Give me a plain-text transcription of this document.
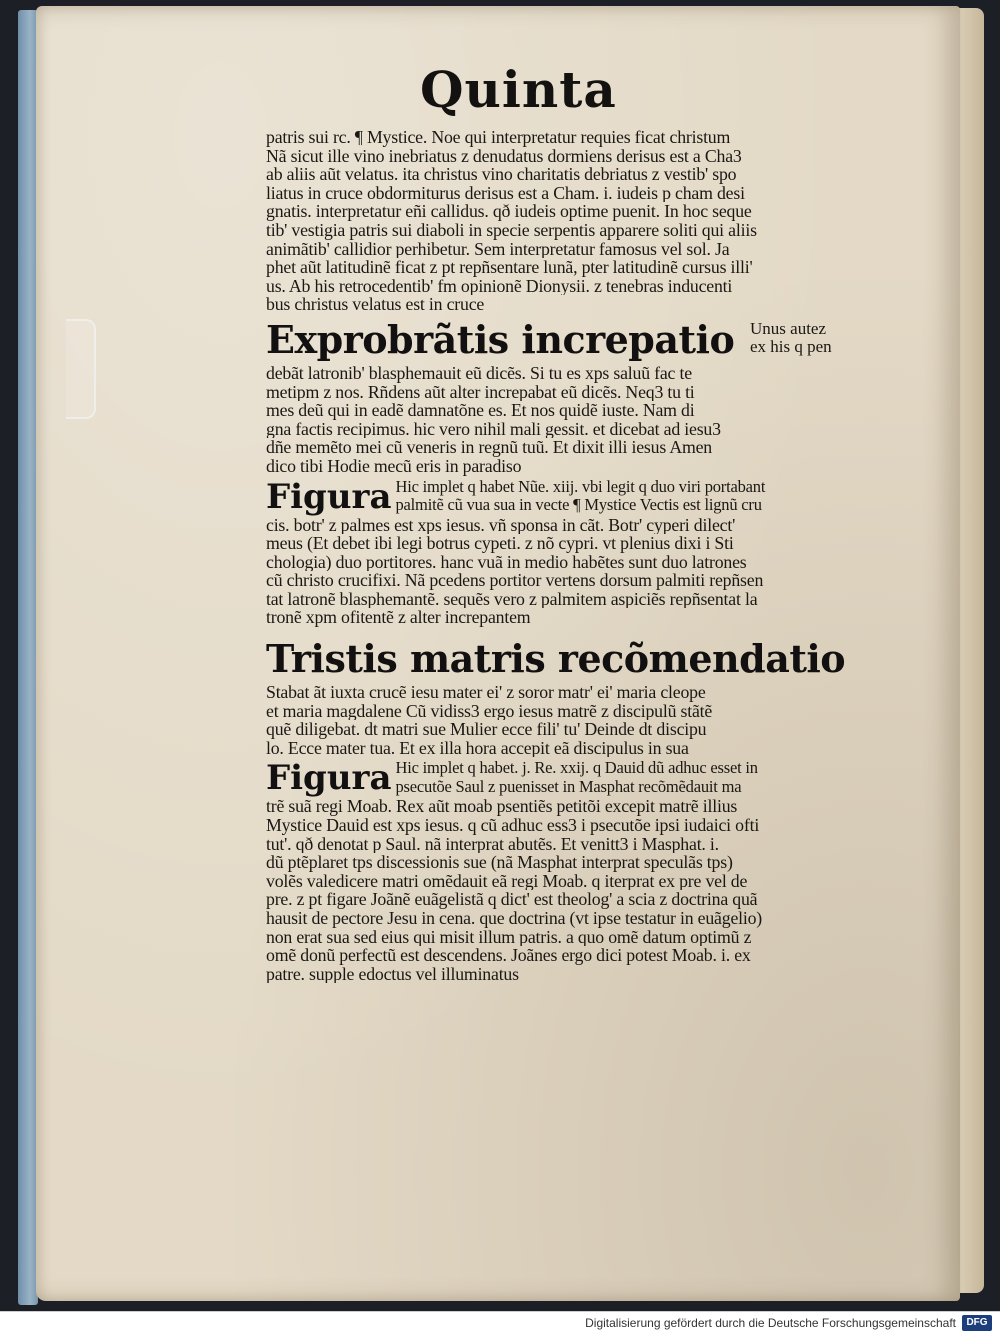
Quinta
patris sui rc. ¶ Mystice. Noe qui interpretatur requies ficat christum
Nã sicut ille vino inebriatus z denudatus dormiens derisus est a Cha3
ab aliis aũt velatus. ita christus vino charitatis debriatus z vestib' spo
liatus in cruce obdormiturus derisus est a Cham. i. iudeis p cham desi
gnatis. interpretatur eñi callidus. qð iudeis optime puenit. In hoc seque
tib' vestigia patris sui diaboli in specie serpentis apparere soliti qui aliis
animãtib' callidior perhibetur. Sem interpretatur famosus vel sol. Ja
phet aũt latitudinẽ ficat z pt repñsentare lunã, pter latitudinẽ cursus illi'
us. Ab his retrocedentib' fm opinionẽ Dionysii. z tenebras inducenti
bus christus velatus est in cruce
Exprobrãtis increpatio Unus autez
ex his q pen
debãt latronib' blasphemauit eũ dicẽs. Si tu es xps saluũ fac te
metipm z nos. Rñdens aũt alter increpabat eũ dicẽs. Neq3 tu ti
mes deũ qui in eadẽ damnatõne es. Et nos quidẽ iuste. Nam di
gna factis recipimus. hic vero nihil mali gessit. et dicebat ad iesu3
dñe memẽto mei cũ veneris in regnũ tuũ. Et dixit illi iesus Amen
dico tibi Hodie mecũ eris in paradiso
Figura Hic implet q habet Nũe. xiij. vbi legit q duo viri portabant
palmitẽ cũ vua sua in vecte ¶ Mystice Vectis est lignũ cru
cis. botr' z palmes est xps iesus. vñ sponsa in cãt. Botr' cyperi dilect'
meus (Et debet ibi legi botrus cypeti. z nõ cypri. vt plenius dixi i Sti
chologia) duo portitores. hanc vuã in medio habẽtes sunt duo latrones
cũ christo crucifixi. Nã pcedens portitor vertens dorsum palmiti repñsen
tat latronẽ blasphemantẽ. sequẽs vero z palmitem aspiciẽs repñsentat la
tronẽ xpm ofitentẽ z alter increpantem
Tristis matris recõmendatio
Stabat ãt iuxta crucẽ iesu mater ei' z soror matr' ei' maria cleope
et maria magdalene Cũ vidiss3 ergo iesus matrẽ z discipulũ stãtẽ
quẽ diligebat. dt matri sue Mulier ecce fili' tu' Deinde dt discipu
lo. Ecce mater tua. Et ex illa hora accepit eã discipulus in sua
Figura Hic implet q habet. j. Re. xxij. q Dauid dũ adhuc esset in
psecutõe Saul z puenisset in Masphat recõmẽdauit ma
trẽ suã regi Moab. Rex aũt moab psentiẽs petitõi excepit matrẽ illius
Mystice Dauid est xps iesus. q cũ adhuc ess3 i psecutõe ipsi iudaici ofti
tut'. qð denotat p Saul. nã interprat abutẽs. Et venitt3 i Masphat. i.
dũ ptẽplaret tps discessionis sue (nã Masphat interprat speculãs tps)
volẽs valedicere matri omẽdauit eã regi Moab. q iterprat ex pre vel de
pre. z pt figare Joãnẽ euãgelistã q dict' est theolog' a scia z doctrina quã
hausit de pectore Jesu in cena. que doctrina (vt ipse testatur in euãgelio)
non erat sua sed eius qui misit illum patris. a quo omẽ datum optimũ z
omẽ donũ perfectũ est descendens. Joãnes ergo dici potest Moab. i. ex
patre. supple edoctus vel illuminatus
Digitalisierung gefördert durch die Deutsche Forschungsgemeinschaft	DFG
